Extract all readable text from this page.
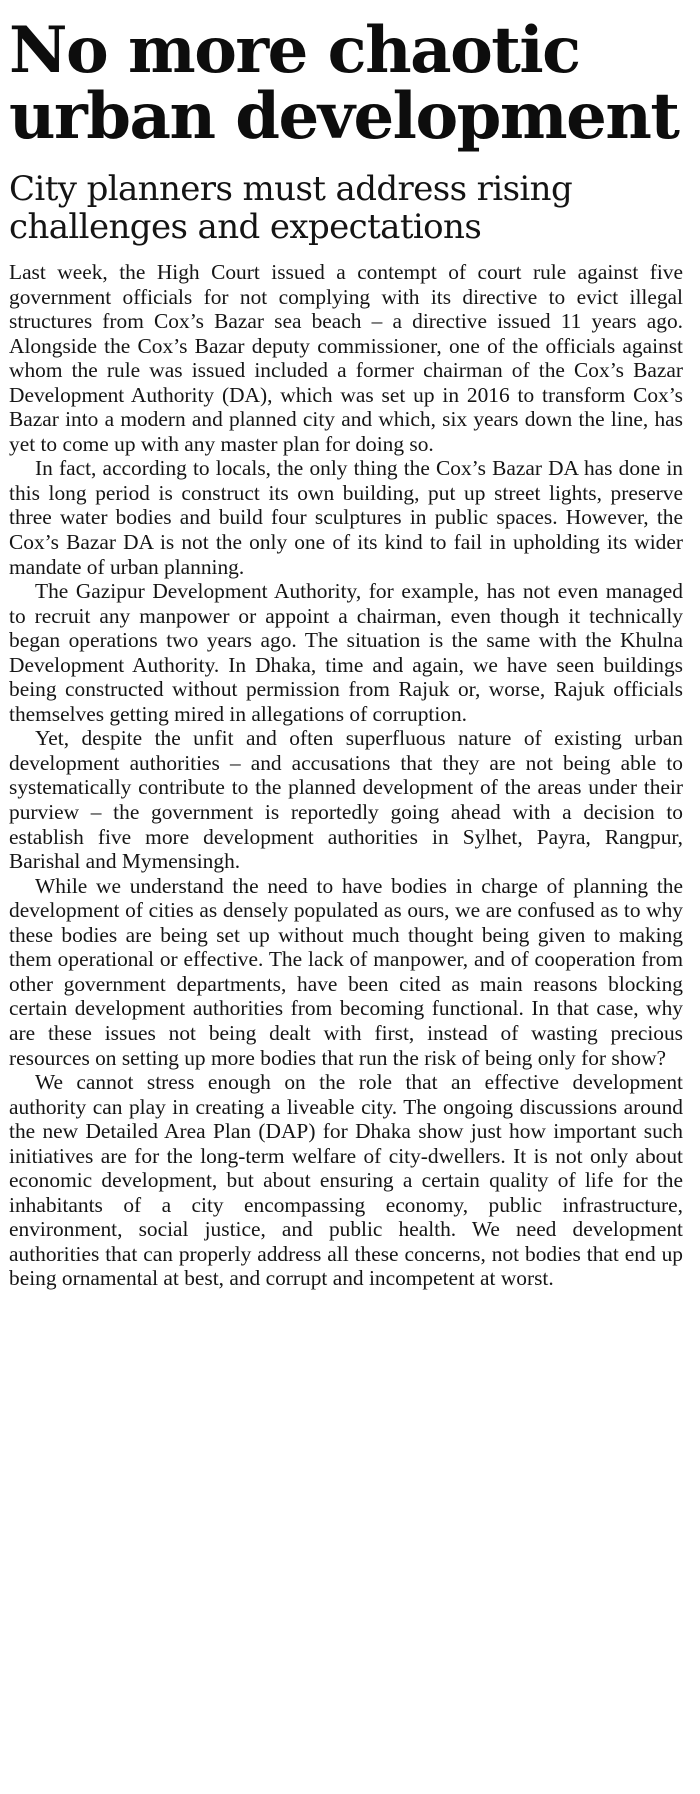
No more chaotic
urban development
City planners must address rising
challenges and expectations

Last week, the High Court issued a contempt of court rule against five government officials for not complying with its directive to evict illegal structures from Cox’s Bazar sea beach – a directive issued 11 years ago. Alongside the Cox’s Bazar deputy commissioner, one of the officials against whom the rule was issued included a former chairman of the Cox’s Bazar Development Authority (DA), which was set up in 2016 to transform Cox’s Bazar into a modern and planned city and which, six years down the line, has yet to come up with any master plan for doing so.

In fact, according to locals, the only thing the Cox’s Bazar DA has done in this long period is construct its own building, put up street lights, preserve three water bodies and build four sculptures in public spaces. However, the Cox’s Bazar DA is not the only one of its kind to fail in upholding its wider mandate of urban planning.

The Gazipur Development Authority, for example, has not even managed to recruit any manpower or appoint a chairman, even though it technically began operations two years ago. The situation is the same with the Khulna Development Authority. In Dhaka, time and again, we have seen buildings being constructed without permission from Rajuk or, worse, Rajuk officials themselves getting mired in allegations of corruption.

Yet, despite the unfit and often superfluous nature of existing urban development authorities – and accusations that they are not being able to systematically contribute to the planned development of the areas under their purview – the government is reportedly going ahead with a decision to establish five more development authorities in Sylhet, Payra, Rangpur, Barishal and Mymensingh.

While we understand the need to have bodies in charge of planning the development of cities as densely populated as ours, we are confused as to why these bodies are being set up without much thought being given to making them operational or effective. The lack of manpower, and of cooperation from other government departments, have been cited as main reasons blocking certain development authorities from becoming functional. In that case, why are these issues not being dealt with first, instead of wasting precious resources on setting up more bodies that run the risk of being only for show?

We cannot stress enough on the role that an effective development authority can play in creating a liveable city. The ongoing discussions around the new Detailed Area Plan (DAP) for Dhaka show just how important such initiatives are for the long-term welfare of city-dwellers. It is not only about economic development, but about ensuring a certain quality of life for the inhabitants of a city encompassing economy, public infrastructure, environment, social justice, and public health. We need development authorities that can properly address all these concerns, not bodies that end up being ornamental at best, and corrupt and incompetent at worst.
